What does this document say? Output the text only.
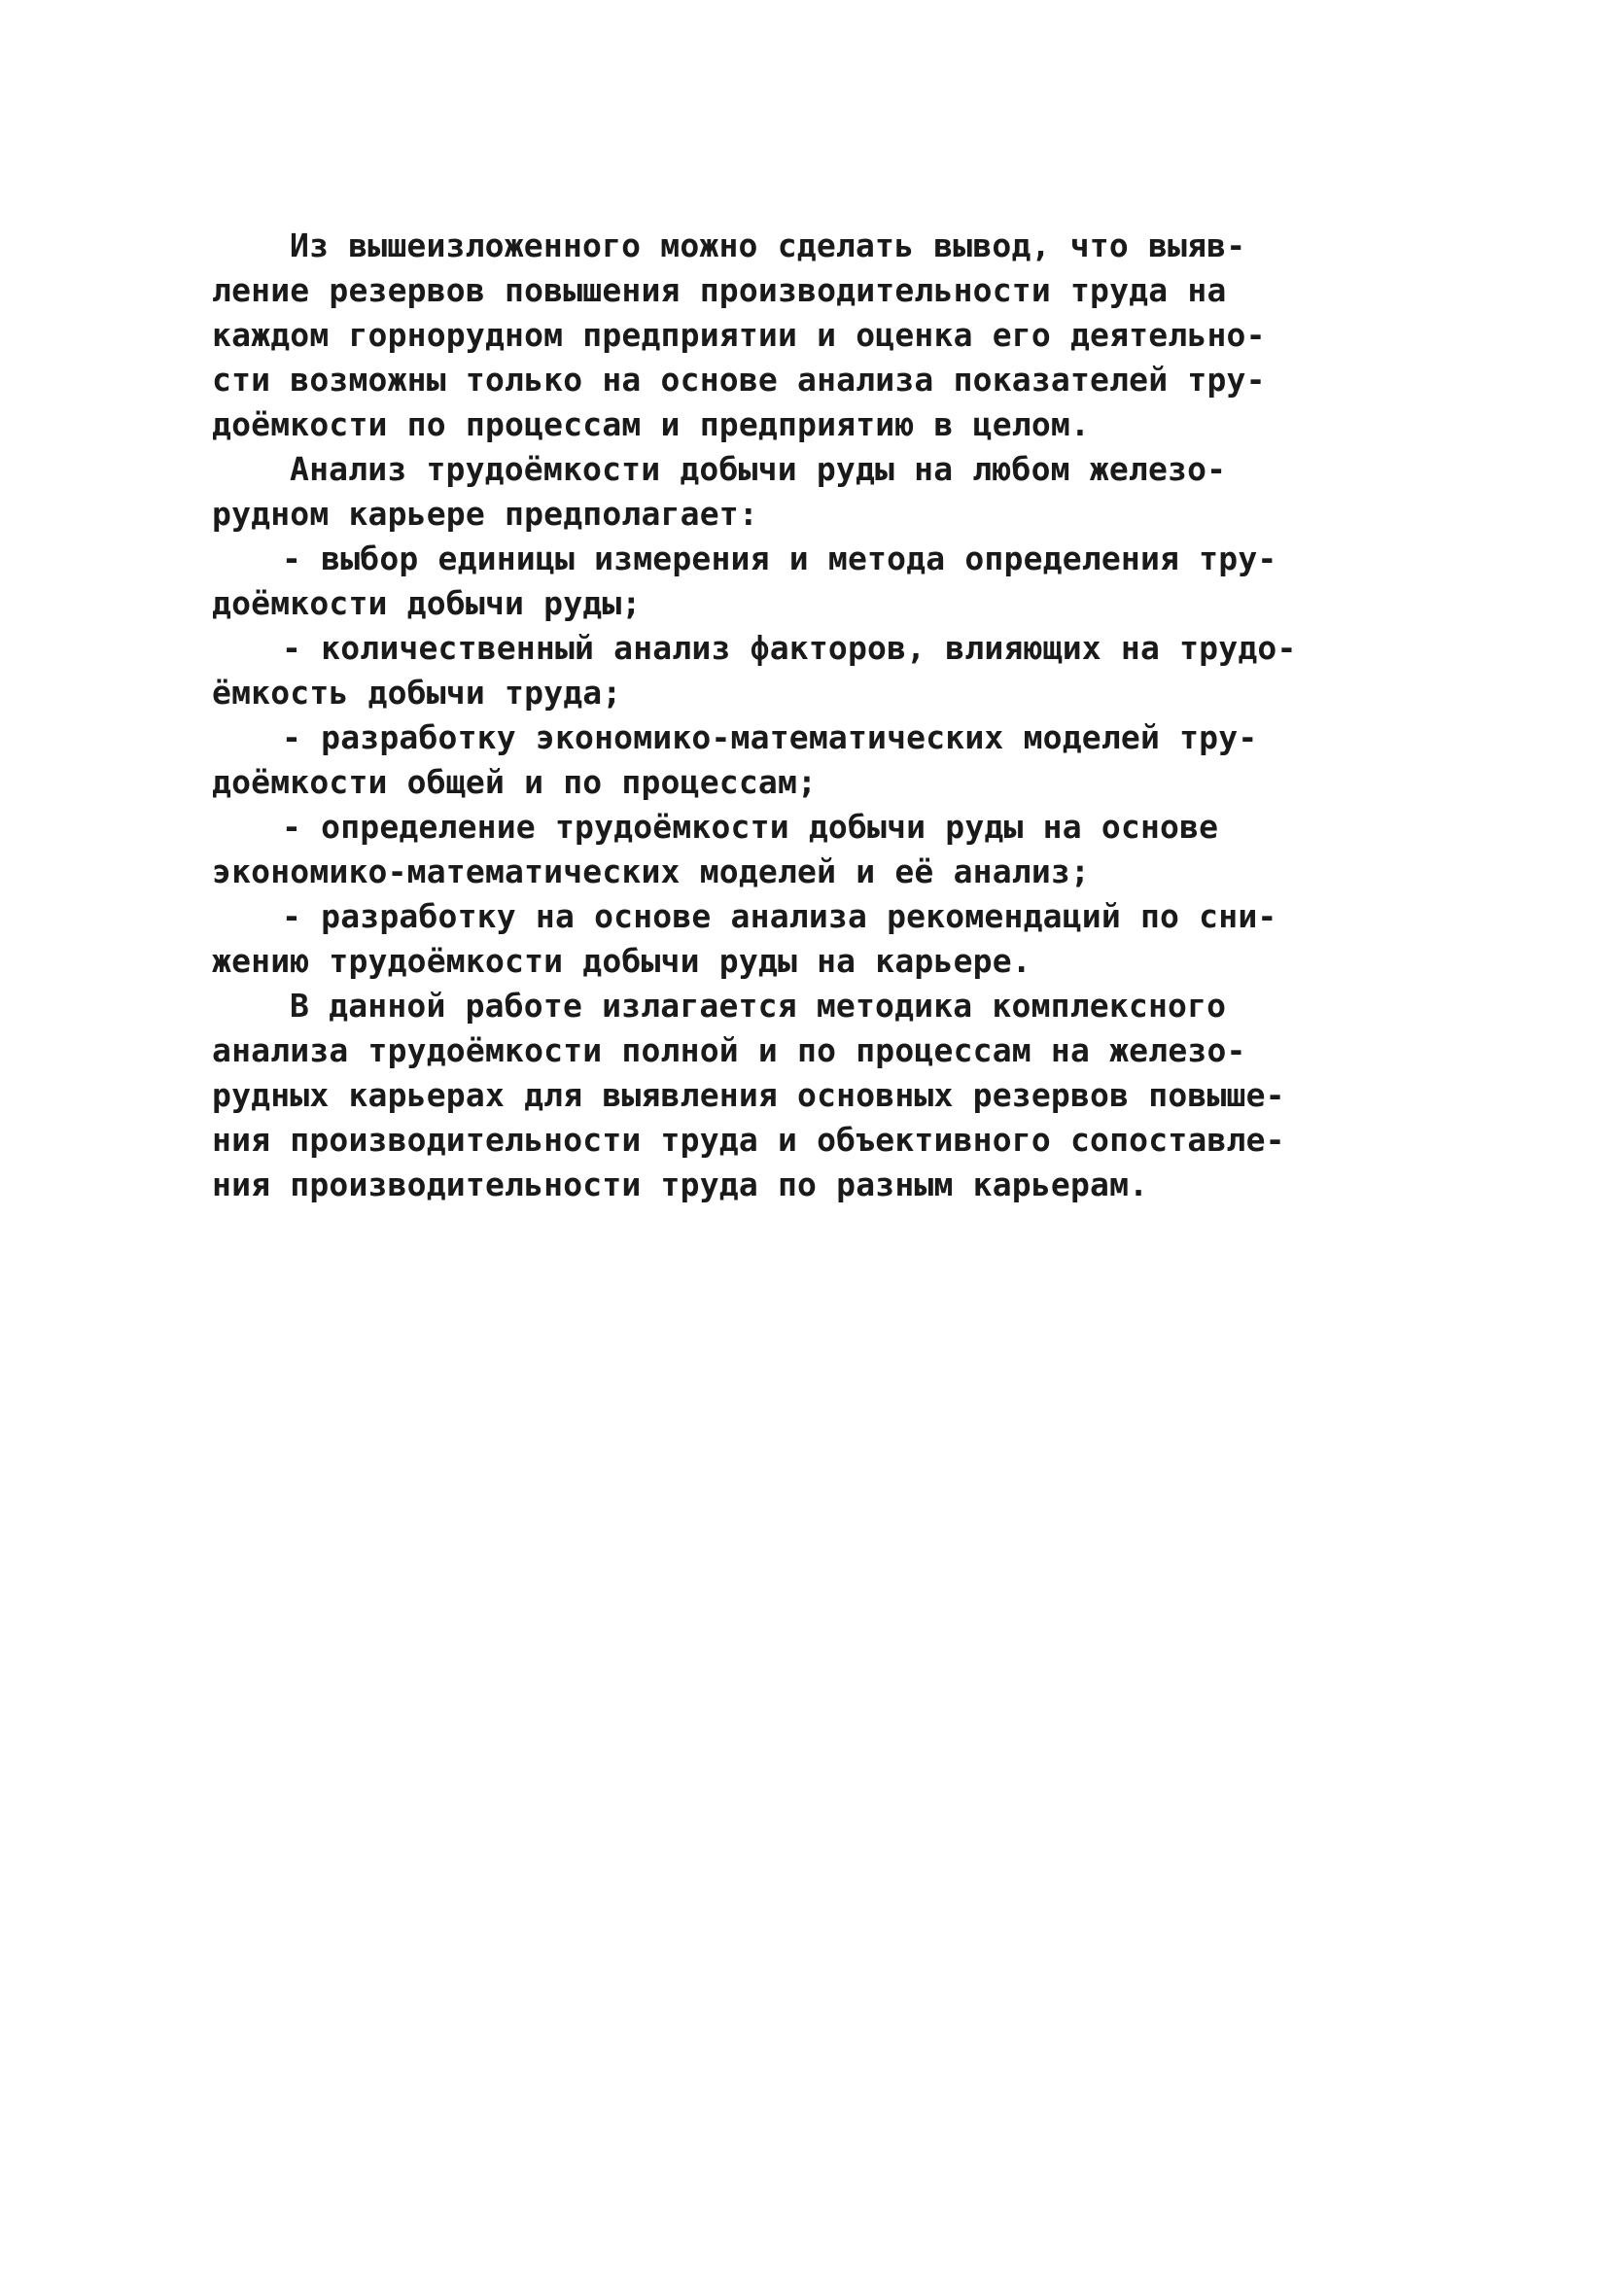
Из вышеизложенного можно сделать вывод, что выяв-
ление резервов повышения производительности труда на
каждом горнорудном предприятии и оценка его деятельно-
сти возможны только на основе анализа показателей тру-
доёмкости по процессам и предприятию в целом.
Анализ трудоёмкости добычи руды на любом железо-
рудном карьере предполагает:
- выбор единицы измерения и метода определения тру-
доёмкости добычи руды;
- количественный анализ факторов, влияющих на трудо-
ёмкость добычи труда;
- разработку экономико-математических моделей тру-
доёмкости общей и по процессам;
- определение трудоёмкости добычи руды на основе
экономико-математических моделей и её анализ;
- разработку на основе анализа рекомендаций по сни-
жению трудоёмкости добычи руды на карьере.
В данной работе излагается методика комплексного
анализа трудоёмкости полной и по процессам на железо-
рудных карьерах для выявления основных резервов повыше-
ния производительности труда и объективного сопоставле-
ния производительности труда по разным карьерам.
